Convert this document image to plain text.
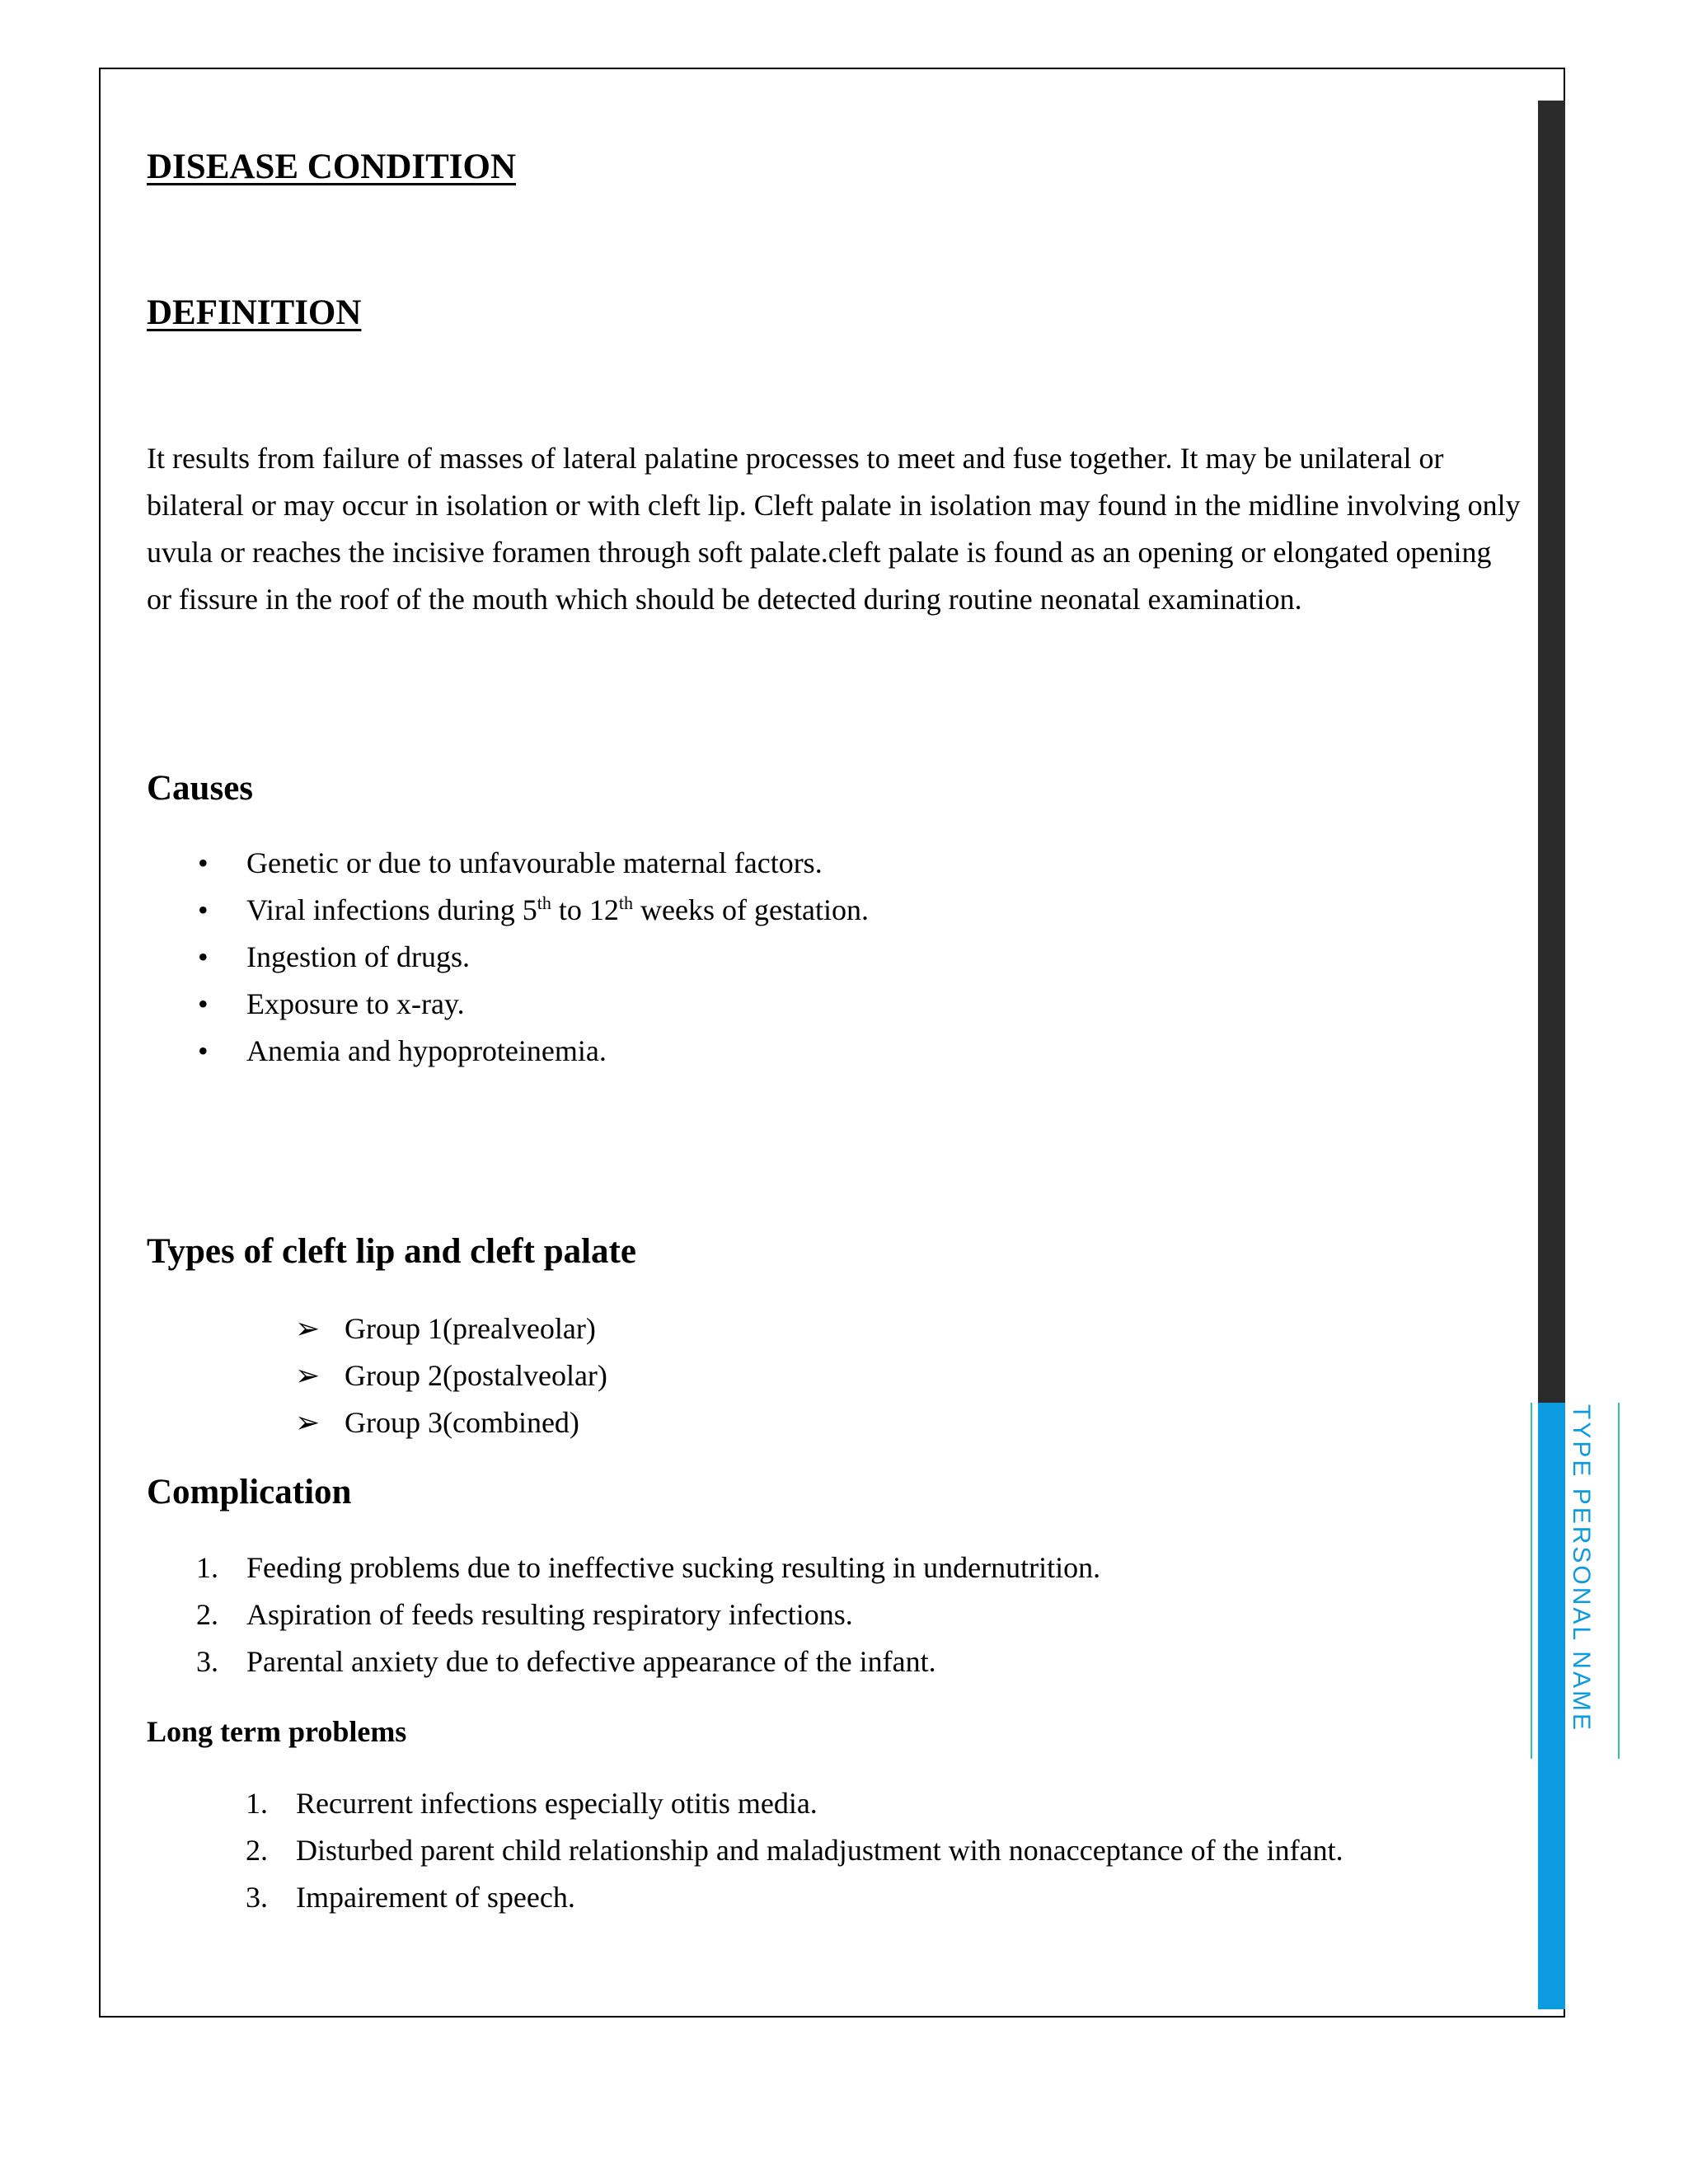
TYPE PERSONAL NAME
DISEASE CONDITION
DEFINITION

It results from failure of masses of lateral palatine processes to meet and fuse together. It may be unilateral or bilateral or may occur in isolation or with cleft lip. Cleft palate in isolation may found in the midline involving only uvula or reaches the incisive foramen through soft palate.cleft palate is found as an opening or elongated opening or fissure in the roof of the mouth which should be detected during routine neonatal examination.

Causes
• Genetic or due to unfavourable maternal factors.
• Viral infections during 5th to 12th weeks of gestation.
• Ingestion of drugs.
• Exposure to x-ray.
• Anemia and hypoproteinemia.
Types of cleft lip and cleft palate
➢ Group 1(prealveolar)
➢ Group 2(postalveolar)
➢ Group 3(combined)
Complication
1. Feeding problems due to ineffective sucking resulting in undernutrition.
2. Aspiration of feeds resulting respiratory infections.
3. Parental anxiety due to defective appearance of the infant.
Long term problems
1. Recurrent infections especially otitis media.
2. Disturbed parent child relationship and maladjustment with nonacceptance of the infant.
3. Impairement of speech.
